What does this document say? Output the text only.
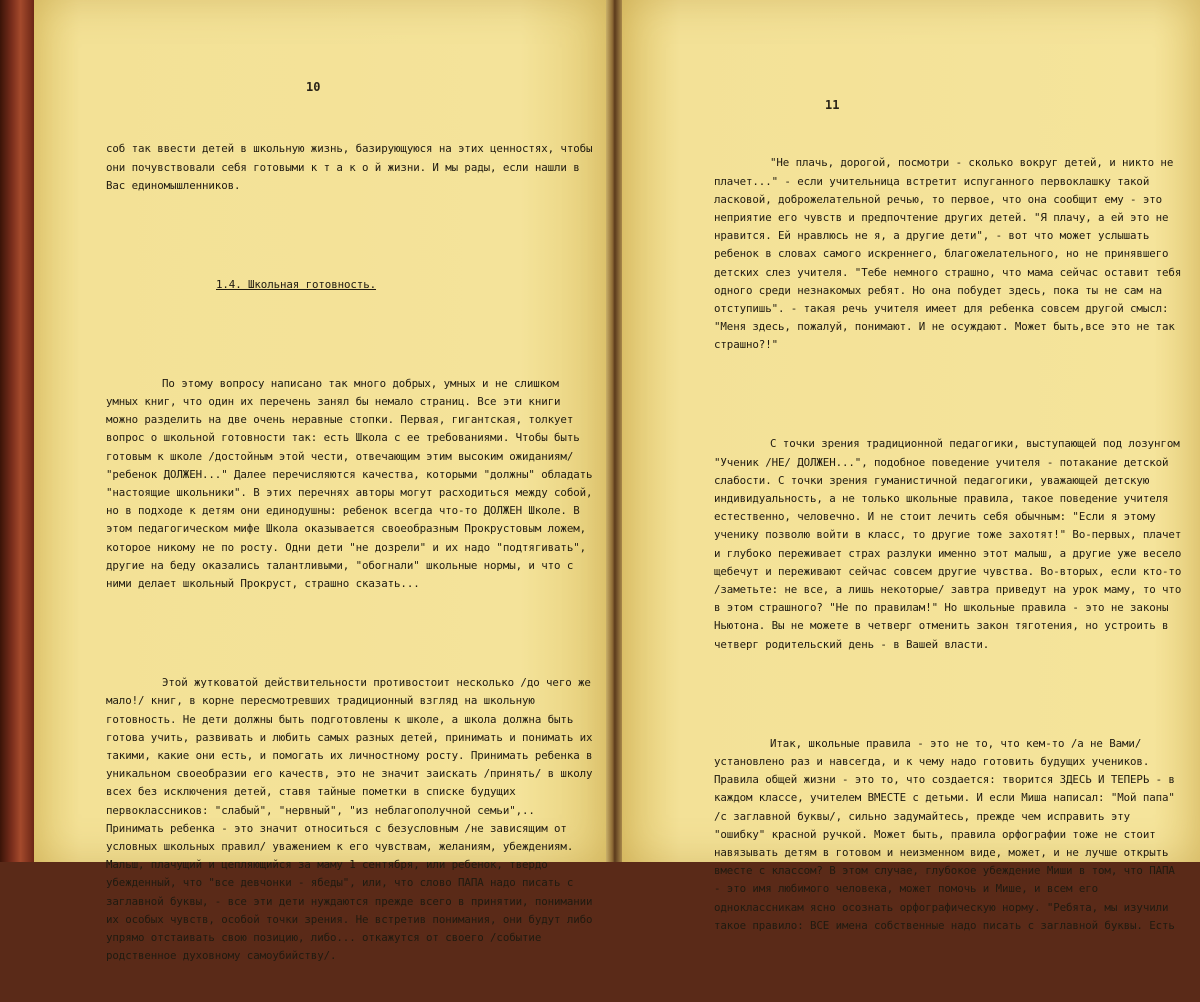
10

соб так ввести детей в школьную жизнь, базирующуюся на этих ценностях, чтобы они почувствовали себя готовыми к т а к о й жизни. И мы рады, если нашли в Вас единомышленников.

1.4. Школьная готовность.

По этому вопросу написано так много добрых, умных и не слишком умных книг, что один их перечень занял бы немало страниц. Все эти книги можно разделить на две очень неравные стопки. Первая, гигантская, толкует вопрос о школьной готовности так: есть Школа с ее требованиями. Чтобы быть готовым к школе /достойным этой чести, отвечающим этим высоким ожиданиям/ "ребенок ДОЛЖЕН..." Далее перечисляются качества, которыми "должны" обладать "настоящие школьники". В этих перечнях авторы могут расходиться между собой, но в подходе к детям они единодушны: ребенок всегда что-то ДОЛЖЕН Школе. В этом педагогическом мифе Школа оказывается своеобразным Прокрустовым ложем, которое никому не по росту. Одни дети "не дозрели" и их надо "подтягивать", другие на беду оказались талантливыми, "обогнали" школьные нормы, и что с ними делает школьный Прокруст, страшно сказать...

Этой жутковатой действительности противостоит несколько /до чего же мало!/ книг, в корне пересмотревших традиционный взгляд на школьную готовность. Не дети должны быть подготовлены к школе, а школа должна быть готова учить, развивать и любить самых разных детей, принимать и понимать их такими, какие они есть, и помогать их личностному росту. Принимать ребенка в уникальном своеобразии его качеств, это не значит заискать /принять/ в школу всех без исключения детей, ставя тайные пометки в списке будущих первоклассников: "слабый", "нервный", "из неблагополучной семьи",.. Принимать ребенка - это значит относиться с безусловным /не зависящим от условных школьных правил/ уважением к его чувствам, желаниям, убеждениям. Мальш, плачущий и цепляющийся за маму 1 сентября, или ребенок, твердо убежденный, что "все девчонки - ябеды", или, что слово ПАПА надо писать с заглавной буквы, - все эти дети нуждаются прежде всего в принятии, понимании их особых чувств, особой точки зрения. Не встретив понимания, они будут либо упрямо отстаивать свою позицию, либо... откажутся от своего /событие родственное духовному самоубийству/.

11

"Не плачь, дорогой, посмотри - сколько вокруг детей, и никто не плачет..." - если учительница встретит испуганного первоклашку такой ласковой, доброжелательной речью, то первое, что она сообщит ему - это неприятие его чувств и предпочтение других детей. "Я плачу, а ей это не нравится. Ей нравлюсь не я, а другие дети", - вот что может услышать ребенок в словах самого искреннего, благожелательного, но не принявшего детских слез учителя. "Тебе немного страшно, что мама сейчас оставит тебя одного среди незнакомых ребят. Но она побудет здесь, пока ты не сам на отступишь". - такая речь учителя имеет для ребенка совсем другой смысл: "Меня здесь, пожалуй, понимают. И не осуждают. Может быть,все это не так страшно?!"

С точки зрения традиционной педагогики, выступающей под лозунгом "Ученик /НЕ/ ДОЛЖЕН...", подобное поведение учителя - потакание детской слабости. С точки зрения гуманистичной педагогики, уважающей детскую индивидуальность, а не только школьные правила, такое поведение учителя естественно, человечно. И не стоит лечить себя обычным: "Если я этому ученику позволю войти в класс, то другие тоже захотят!" Во-первых, плачет и глубоко переживает страх разлуки именно этот малыш, а другие уже весело щебечут и переживают сейчас совсем другие чувства. Во-вторых, если кто-то /заметьте: не все, а лишь некоторые/ завтра приведут на урок маму, то что в этом страшного? "Не по правилам!" Но школьные правила - это не законы Ньютона. Вы не можете в четверг отменить закон тяготения, но устроить в четверг родительский день - в Вашей власти.

Итак, школьные правила - это не то, что кем-то /а не Вами/ установлено раз и навсегда, и к чему надо готовить будущих учеников. Правила общей жизни - это то, что создается: творится ЗДЕСЬ И ТЕПЕРЬ - в каждом классе, учителем ВМЕСТЕ с детьми. И если Миша написал: "Мой папа" /с заглавной буквы/, сильно задумайтесь, прежде чем исправить эту "ошибку" красной ручкой. Может быть, правила орфографии тоже не стоит навязывать детям в готовом и неизменном виде, может, и не лучше открыть вместе с классом? В этом случае, глубокое убеждение Миши в том, что ПАПА - это имя любимого человека, может помочь и Мише, и всем его одноклассникам ясно осознать орфографическую норму. "Ребята, мы изучили такое правило: ВСЕ имена собственные надо писать с заглавной буквы. Есть
